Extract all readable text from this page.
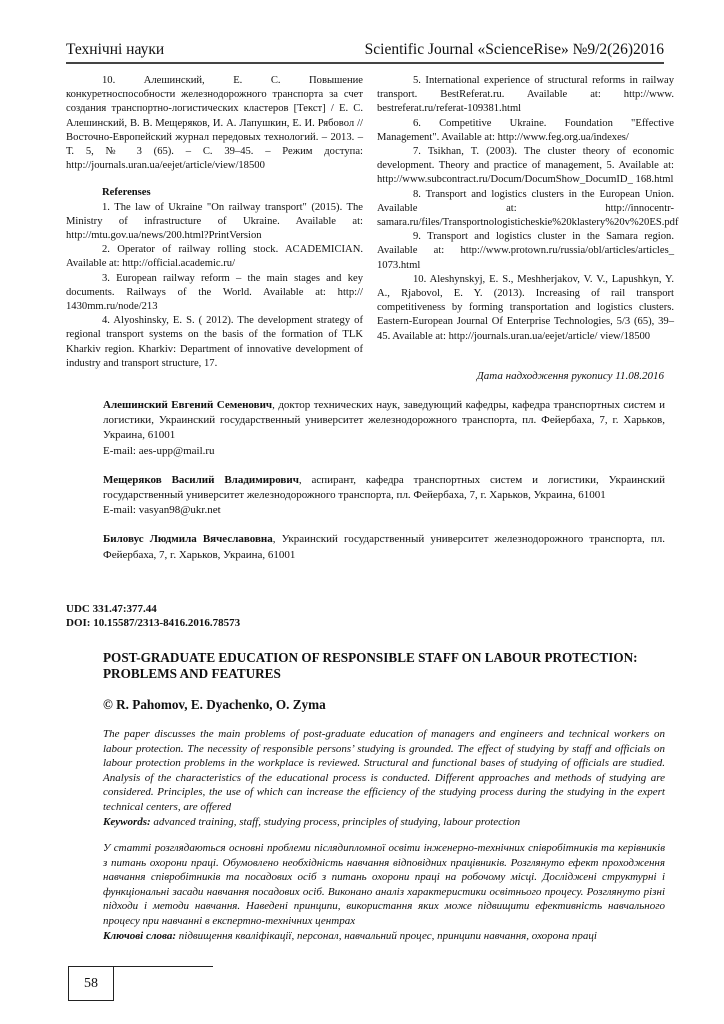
Технічні науки	Scientific Journal «ScienceRise» №9/2(26)2016

10. Алешинский, Е. С. Повышение конкуретноспособности железнодорожного транспорта за счет создания транспортно-логистических кластеров [Текст] / Е. С. Алешинский, В. В. Мещеряков, И. А. Лапушкин, Е. И. Рябовол // Восточно-Европейский журнал передовых технологий. – 2013. – Т. 5, № 3 (65). – С. 39–45. – Режим доступа: http://journals.uran.ua/eejet/article/view/18500

Referenses

1. The law of Ukraine "On railway transport" (2015). The Ministry of infrastructure of Ukraine. Available at: http://mtu.gov.ua/news/200.html?PrintVersion

2. Operator of railway rolling stock. ACADEMICIAN. Available at: http://official.academic.ru/

3. European railway reform – the main stages and key documents. Railways of the World. Available at: http:// 1430mm.ru/node/213

4. Alyoshinsky, E. S. ( 2012). The development strategy of regional transport systems on the basis of the formation of TLK Kharkiv region. Kharkiv: Department of innovative development of industry and transport structure, 17.

5. International experience of structural reforms in railway transport. BestReferat.ru. Available at: http://www. bestreferat.ru/referat-109381.html

6. Competitive Ukraine. Foundation "Effective Management". Available at: http://www.feg.org.ua/indexes/

7. Tsikhan, T. (2003). The cluster theory of economic development. Theory and practice of management, 5. Available at: http://www.subcontract.ru/Docum/DocumShow_DocumID_ 168.html

8. Transport and logistics clusters in the European Union. Available at: http://innocentr-samara.ru/files/Transportnologisticheskie%20klastery%20v%20ES.pdf

9. Transport and logistics cluster in the Samara region. Available at: http://www.protown.ru/russia/obl/articles/articles_ 1073.html

10. Aleshynskyj, E. S., Meshherjakov, V. V., Lapushkyn, Y. A., Rjabovol, E. Y. (2013). Increasing of rail transport competitiveness by forming transportation and logistics clusters. Eastern-European Journal Of Enterprise Technologies, 5/3 (65), 39–45. Available at: http://journals.uran.ua/eejet/article/ view/18500

Дата надходження рукопису 11.08.2016
Алешинский Евгений Семенович, доктор технических наук, заведующий кафедры, кафедра транспортных систем и логистики, Украинский государственный университет железнодорожного транспорта, пл. Фейербаха, 7, г. Харьков, Украина, 61001
E-mail: aes-upp@mail.ru
Мещеряков Василий Владимирович, аспирант, кафедра транспортных систем и логистики, Украинский государственный университет железнодорожного транспорта, пл. Фейербаха, 7, г. Харьков, Украина, 61001
E-mail: vasyan98@ukr.net
Биловус Людмила Вячеславовна, Украинский государственный университет железнодорожного транспорта, пл. Фейербаха, 7, г. Харьков, Украина, 61001
UDC 331.47:377.44
DOI: 10.15587/2313-8416.2016.78573
POST-GRADUATE EDUCATION OF RESPONSIBLE STAFF ON LABOUR PROTECTION: PROBLEMS AND FEATURES
© R. Pahomov, E. Dyachenko, O. Zyma
The paper discusses the main problems of post-graduate education of managers and engineers and technical workers on labour protection. The necessity of responsible persons’ studying is grounded. The effect of studying by staff and officials on labour protection problems in the workplace is reviewed. Structural and functional bases of studying of officials are studied. Analysis of the characteristics of the educational process is conducted. Different approaches and methods of studying are considered. Principles, the use of which can increase the efficiency of the studying process during the studying in the expert technical centers, are offered
Keywords: advanced training, staff, studying process, principles of studying, labour protection
У статті розглядаються основні проблеми післядипломної освіти інженерно-технічних співробітників та керівників з питань охорони праці. Обумовлено необхідність навчання відповідних працівників. Розглянуто ефект проходження навчання співробітників та посадових осіб з питань охорони праці на робочому місці. Досліджені структурні і функціональні засади навчання посадових осіб. Виконано аналіз характеристики освітнього процесу. Розглянуто різні підходи і методи навчання. Наведені принципи, використання яких може підвищити ефективність навчального процесу при навчанні в експертно-технічних центрах
Ключові слова: підвищення кваліфікації, персонал, навчальний процес, принципи навчання, охорона праці
58
